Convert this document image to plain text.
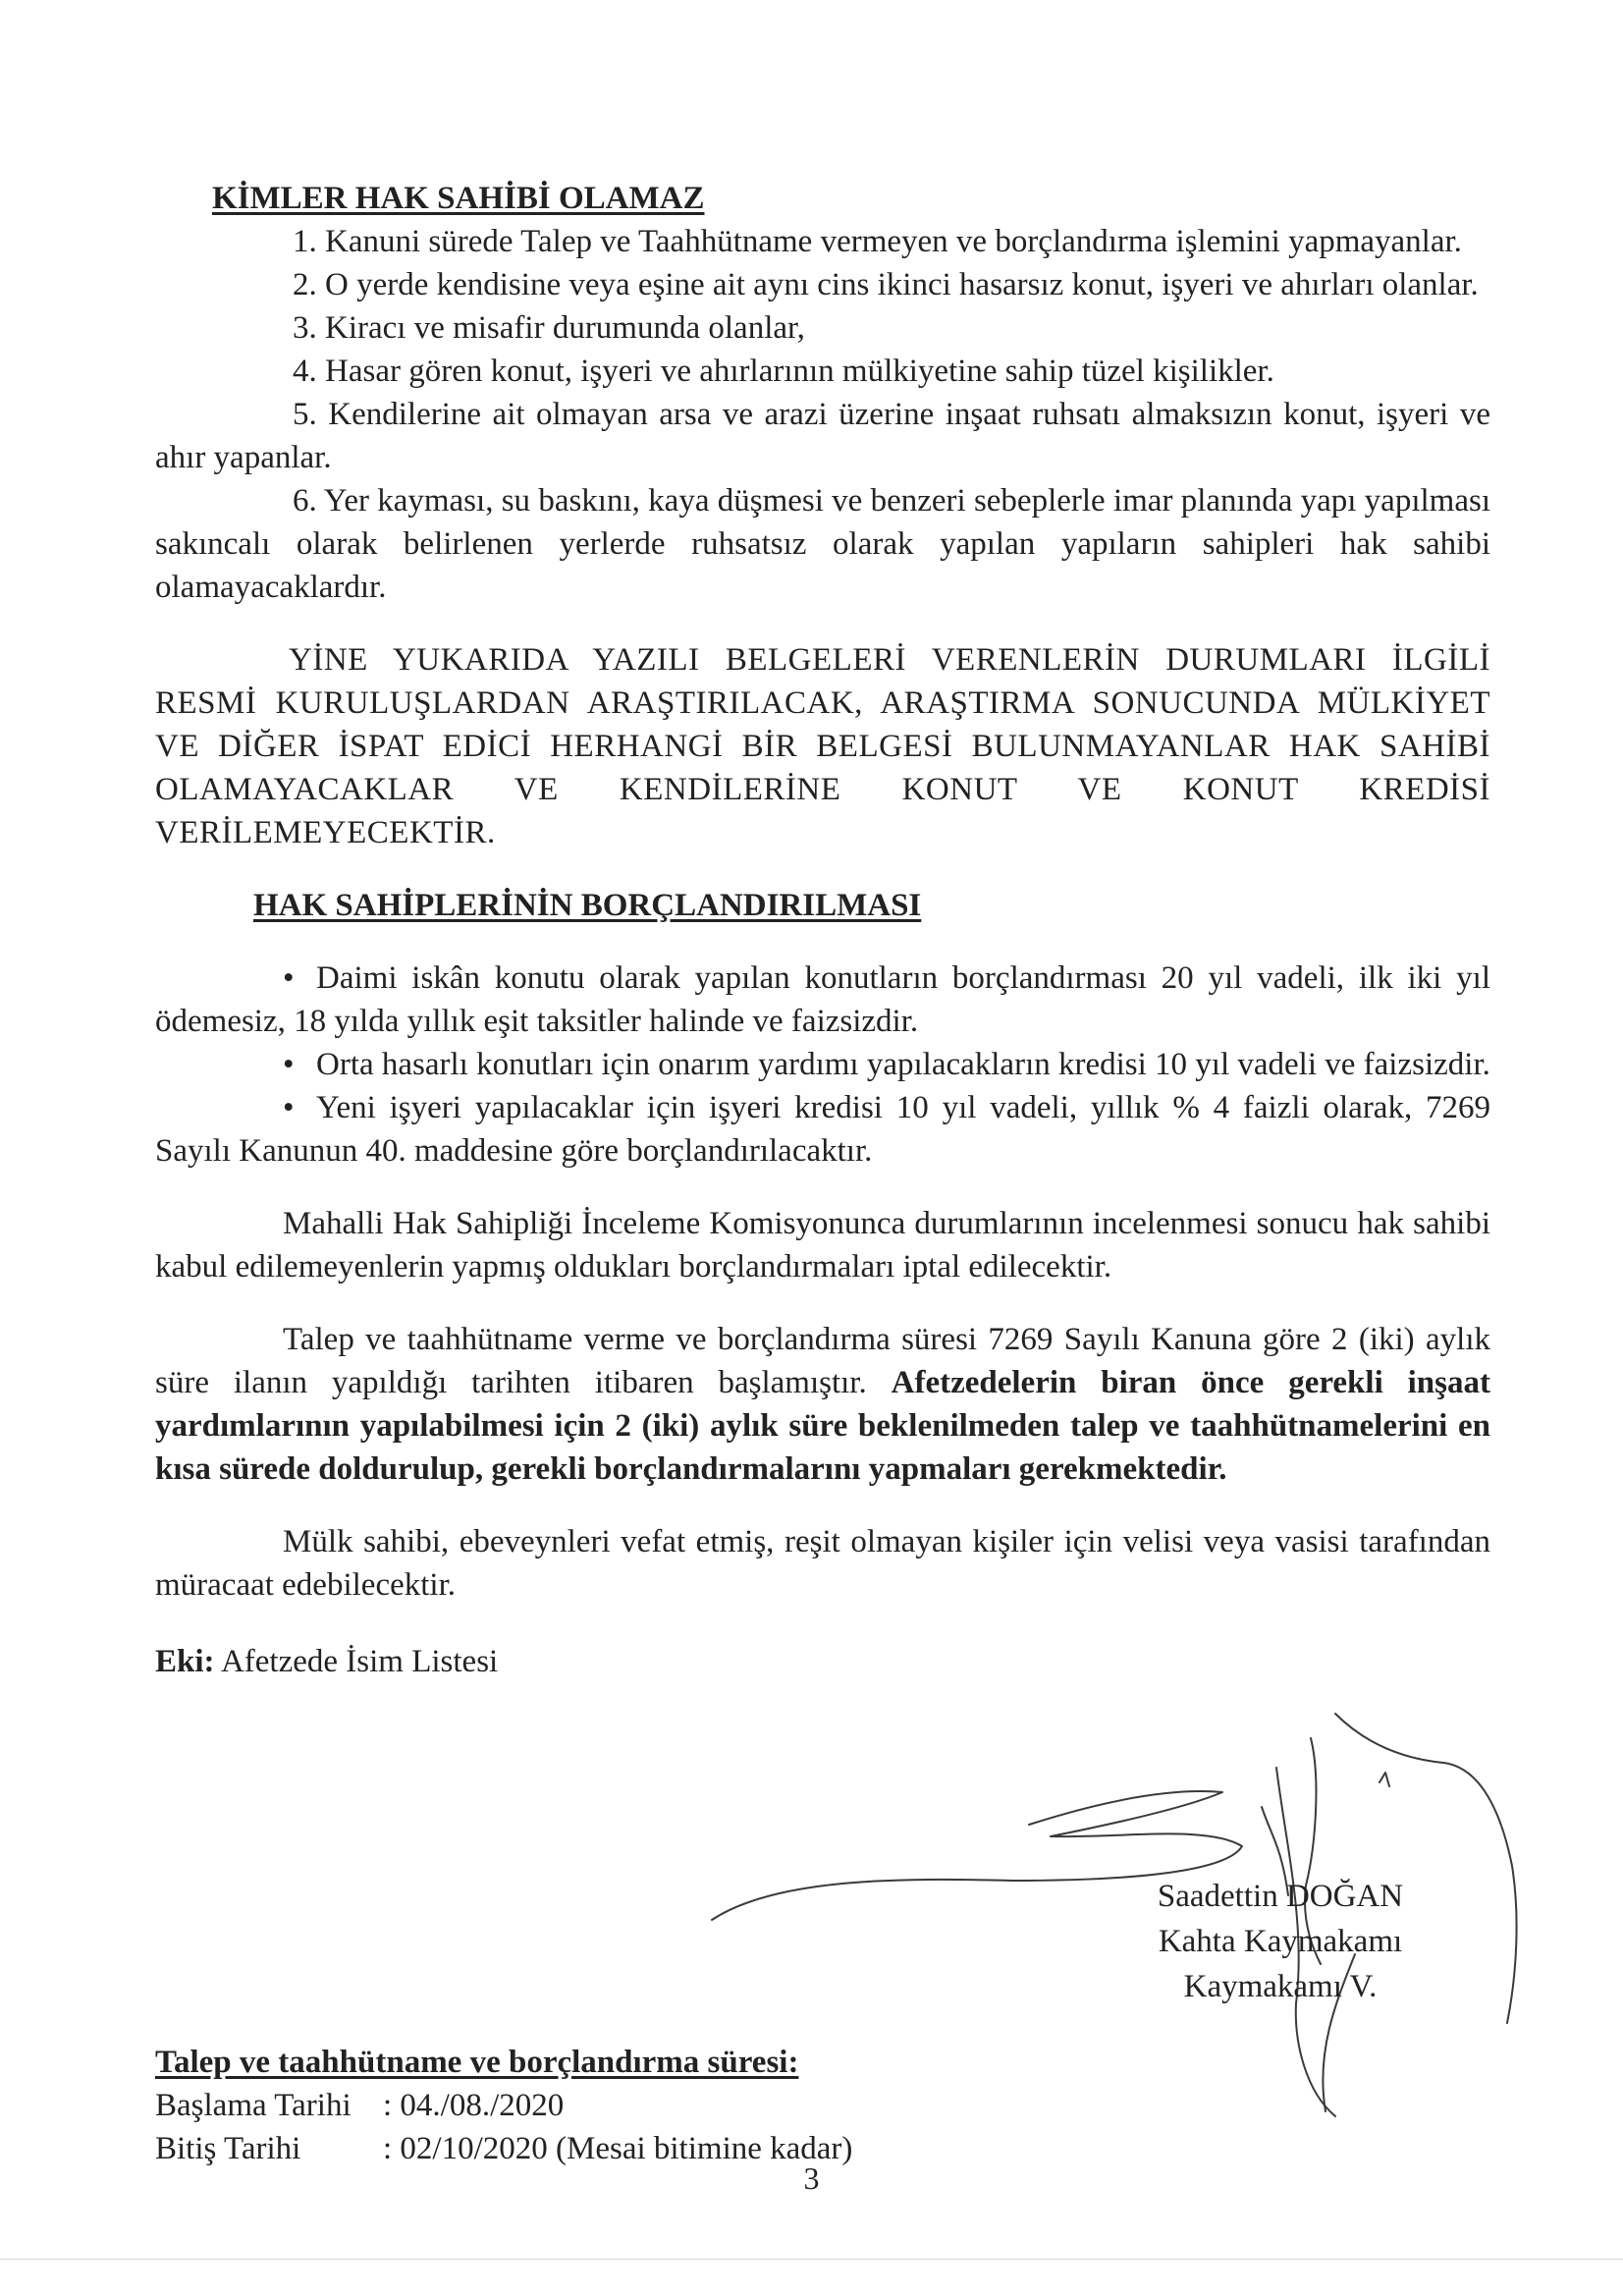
KİMLER HAK SAHİBİ OLAMAZ

1. Kanuni sürede Talep ve Taahhütname vermeyen ve borçlandırma işlemini yapmayanlar.

2. O yerde kendisine veya eşine ait aynı cins ikinci hasarsız konut, işyeri ve ahırları olanlar.

3. Kiracı ve misafir durumunda olanlar,

4. Hasar gören konut, işyeri ve ahırlarının mülkiyetine sahip tüzel kişilikler.

5. Kendilerine ait olmayan arsa ve arazi üzerine inşaat ruhsatı almaksızın konut, işyeri ve ahır yapanlar.

6. Yer kayması, su baskını, kaya düşmesi ve benzeri sebeplerle imar planında yapı yapılması sakıncalı olarak belirlenen yerlerde ruhsatsız olarak yapılan yapıların sahipleri hak sahibi olamayacaklardır.

YİNE YUKARIDA YAZILI BELGELERİ VERENLERİN DURUMLARI İLGİLİ RESMİ KURULUŞLARDAN ARAŞTIRILACAK, ARAŞTIRMA SONUCUNDA MÜLKİYET VE DİĞER İSPAT EDİCİ HERHANGİ BİR BELGESİ BULUNMAYANLAR HAK SAHİBİ OLAMAYACAKLAR VE KENDİLERİNE KONUT VE KONUT KREDİSİ VERİLEMEYECEKTİR.

HAK SAHİPLERİNİN BORÇLANDIRILMASI

• Daimi iskân konutu olarak yapılan konutların borçlandırması 20 yıl vadeli, ilk iki yıl ödemesiz, 18 yılda yıllık eşit taksitler halinde ve faizsizdir.

• Orta hasarlı konutları için onarım yardımı yapılacakların kredisi 10 yıl vadeli ve faizsizdir.

• Yeni işyeri yapılacaklar için işyeri kredisi 10 yıl vadeli, yıllık % 4 faizli olarak, 7269 Sayılı Kanunun 40. maddesine göre borçlandırılacaktır.

Mahalli Hak Sahipliği İnceleme Komisyonunca durumlarının incelenmesi sonucu hak sahibi kabul edilemeyenlerin yapmış oldukları borçlandırmaları iptal edilecektir.

Talep ve taahhütname verme ve borçlandırma süresi 7269 Sayılı Kanuna göre 2 (iki) aylık süre ilanın yapıldığı tarihten itibaren başlamıştır. Afetzedelerin biran önce gerekli inşaat yardımlarının yapılabilmesi için 2 (iki) aylık süre beklenilmeden talep ve taahhütnamelerini en kısa sürede doldurulup, gerekli borçlandırmalarını yapmaları gerekmektedir.

Mülk sahibi, ebeveynleri vefat etmiş, reşit olmayan kişiler için velisi veya vasisi tarafından müracaat edebilecektir.

Eki: Afetzede İsim Listesi

Saadettin DOĞAN
Kahta Kaymakamı
Kaymakamı V.
Talep ve taahhütname ve borçlandırma süresi:
Başlama Tarihi : 04./08./2020
Bitiş Tarihi	: 02/10/2020 (Mesai bitimine kadar)
3
